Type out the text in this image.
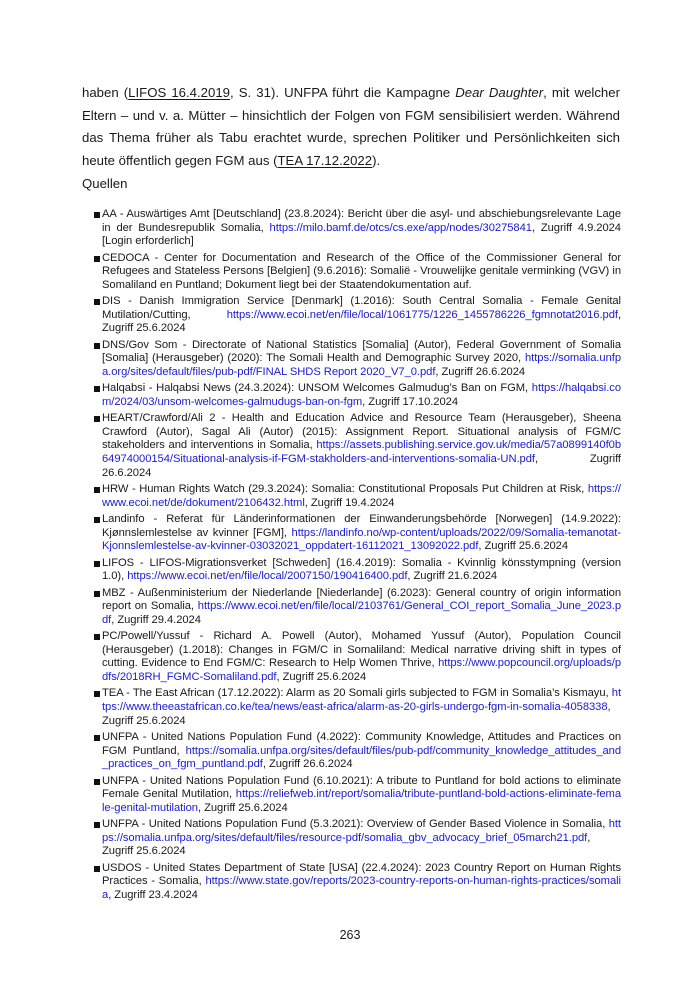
haben (LIFOS 16.4.2019, S. 31). UNFPA führt die Kampagne Dear Daughter, mit welcher Eltern – und v. a. Mütter – hinsichtlich der Folgen von FGM sensibilisiert werden. Während das Thema früher als Tabu erachtet wurde, sprechen Politiker und Persönlichkeiten sich heute öffentlich gegen FGM aus (TEA 17.12.2022).

Quellen

AA - Auswärtiges Amt [Deutschland] (23.8.2024): Bericht über die asyl- und abschiebungsrelevante Lage in der Bundesrepublik Somalia, https://milo.bamf.de/otcs/cs.exe/app/nodes/30275841, Zugriff 4.9.2024 [Login erforderlich]
CEDOCA - Center for Documentation and Research of the Office of the Commissioner General for Refugees and Stateless Persons [Belgien] (9.6.2016): Somalië - Vrouwelijke genitale verminking (VGV) in Somaliland en Puntland; Dokument liegt bei der Staatendokumentation auf.
DIS - Danish Immigration Service [Denmark] (1.2016): South Central Somalia - Female Genital Mutilation/Cutting, https://www.ecoi.net/en/file/local/1061775/1226_1455786226_fgmnotat2016.pdf, Zugriff 25.6.2024
DNS/Gov Som - Directorate of National Statistics [Somalia] (Autor), Federal Government of Somalia [Somalia] (Herausgeber) (2020): The Somali Health and Demographic Survey 2020, https://somalia.unfpa.org/sites/default/files/pub-pdf/FINAL SHDS Report 2020_V7_0.pdf, Zugriff 26.6.2024
Halqabsi - Halqabsi News (24.3.2024): UNSOM Welcomes Galmudug’s Ban on FGM, https://halqabsi.com/2024/03/unsom-welcomes-galmudugs-ban-on-fgm, Zugriff 17.10.2024
HEART/Crawford/Ali 2 - Health and Education Advice and Resource Team (Herausgeber), Sheena Crawford (Autor), Sagal Ali (Autor) (2015): Assignment Report. Situational analysis of FGM/C stakeholders and interventions in Somalia, https://assets.publishing.service.gov.uk/media/57a0899140f0b64974000154/Situational-analysis-if-FGM-stakholders-and-interventions-somalia-UN.pdf, Zugriff 26.6.2024
HRW - Human Rights Watch (29.3.2024): Somalia: Constitutional Proposals Put Children at Risk, https://www.ecoi.net/de/dokument/2106432.html, Zugriff 19.4.2024
Landinfo - Referat für Länderinformationen der Einwanderungsbehörde [Norwegen] (14.9.2022): Kjønnslemlestelse av kvinner [FGM], https://landinfo.no/wp-content/uploads/2022/09/Somalia-temanotat-Kjonnslemlestelse-av-kvinner-03032021_oppdatert-16112021_13092022.pdf, Zugriff 25.6.2024
LIFOS - LIFOS-Migrationsverket [Schweden] (16.4.2019): Somalia - Kvinnlig könsstympning (version 1.0), https://www.ecoi.net/en/file/local/2007150/190416400.pdf, Zugriff 21.6.2024
MBZ - Außenministerium der Niederlande [Niederlande] (6.2023): General country of origin information report on Somalia, https://www.ecoi.net/en/file/local/2103761/General_COI_report_Somalia_June_2023.pdf, Zugriff 29.4.2024
PC/Powell/Yussuf - Richard A. Powell (Autor), Mohamed Yussuf (Autor), Population Council (Herausgeber) (1.2018): Changes in FGM/C in Somaliland: Medical narrative driving shift in types of cutting. Evidence to End FGM/C: Research to Help Women Thrive, https://www.popcouncil.org/uploads/pdfs/2018RH_FGMC-Somaliland.pdf, Zugriff 25.6.2024
TEA - The East African (17.12.2022): Alarm as 20 Somali girls subjected to FGM in Somalia’s Kismayu, https://www.theeastafrican.co.ke/tea/news/east-africa/alarm-as-20-girls-undergo-fgm-in-somalia-4058338, Zugriff 25.6.2024
UNFPA - United Nations Population Fund (4.2022): Community Knowledge, Attitudes and Practices on FGM Puntland, https://somalia.unfpa.org/sites/default/files/pub-pdf/community_knowledge_attitudes_and_practices_on_fgm_puntland.pdf, Zugriff 26.6.2024
UNFPA - United Nations Population Fund (6.10.2021): A tribute to Puntland for bold actions to eliminate Female Genital Mutilation, https://reliefweb.int/report/somalia/tribute-puntland-bold-actions-eliminate-female-genital-mutilation, Zugriff 25.6.2024
UNFPA - United Nations Population Fund (5.3.2021): Overview of Gender Based Violence in Somalia, https://somalia.unfpa.org/sites/default/files/resource-pdf/somalia_gbv_advocacy_brief_05march21.pdf, Zugriff 25.6.2024
USDOS - United States Department of State [USA] (22.4.2024): 2023 Country Report on Human Rights Practices - Somalia, https://www.state.gov/reports/2023-country-reports-on-human-rights-practices/somalia, Zugriff 23.4.2024

263
